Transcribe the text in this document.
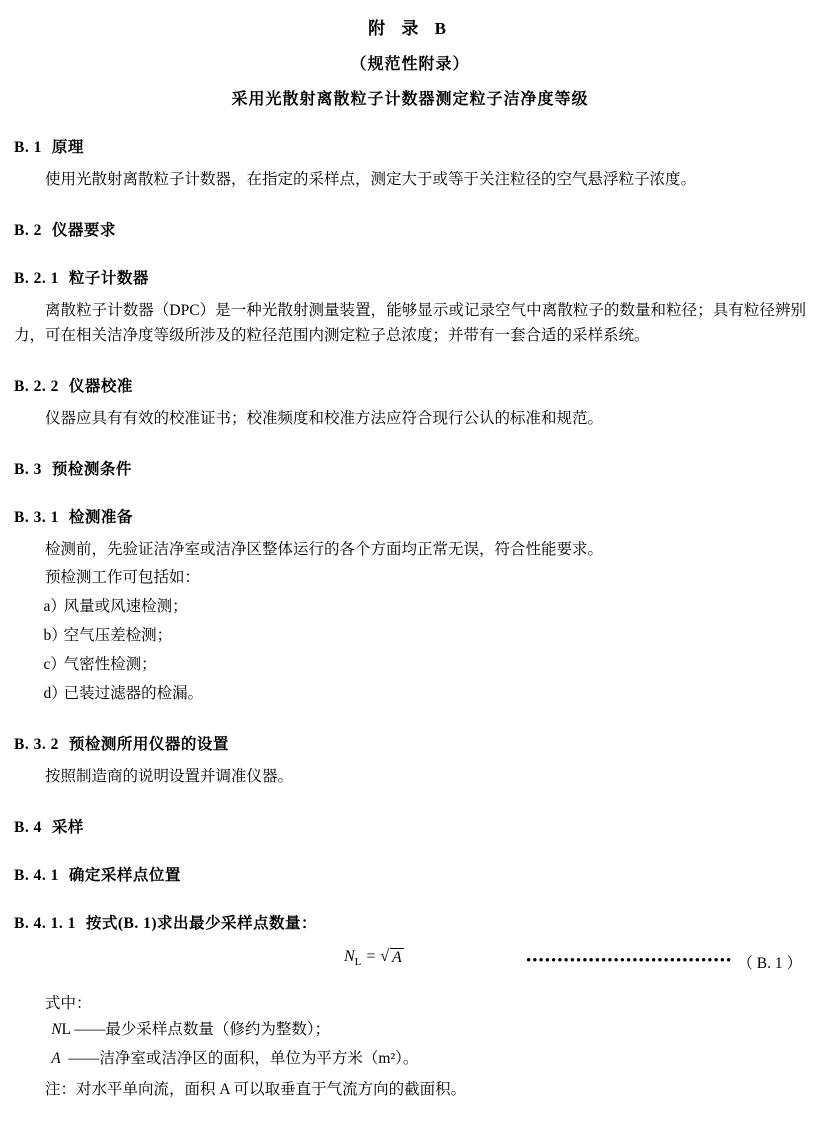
附 录 B
（规范性附录）
采用光散射离散粒子计数器测定粒子洁净度等级
B. 1 原理
使用光散射离散粒子计数器，在指定的采样点，测定大于或等于关注粒径的空气悬浮粒子浓度。
B. 2 仪器要求
B. 2. 1 粒子计数器
离散粒子计数器（DPC）是一种光散射测量装置，能够显示或记录空气中离散粒子的数量和粒径；具有粒径辨别力，可在相关洁净度等级所涉及的粒径范围内测定粒子总浓度；并带有一套合适的采样系统。
B. 2. 2 仪器校准
仪器应具有有效的校准证书；校准频度和校准方法应符合现行公认的标准和规范。
B. 3 预检测条件
B. 3. 1 检测准备
检测前，先验证洁净室或洁净区整体运行的各个方面均正常无误，符合性能要求。
预检测工作可包括如：
a）
风量或风速检测；
b）
空气压差检测；
c）
气密性检测；
d）
已装过滤器的检漏。
B. 3. 2 预检测所用仪器的设置
按照制造商的说明设置并调准仪器。
B. 4 采样
B. 4. 1 确定采样点位置
B. 4. 1. 1 按式(B. 1)求出最少采样点数量：
$N_L$ = √ A	••••••••••••••••••••••••••••••••• （ B. 1 ）
式中：
NL ——最少采样点数量（修约为整数）；
A ——洁净室或洁净区的面积，单位为平方米（m²）。
注：对水平单向流，面积 A 可以取垂直于气流方向的截面积。
